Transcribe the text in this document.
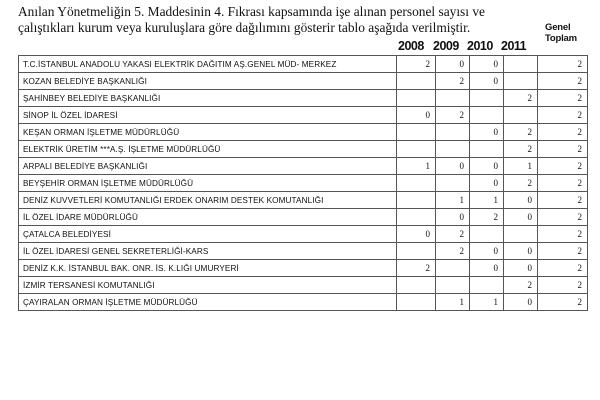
Anılan Yönetmeliğin 5. Maddesinin 4. Fıkrası kapsamında işe alınan personel sayısı ve

çalıştıkları kurum veya kuruluşlara göre dağılımını gösterir tablo aşağıda verilmiştir.	Genel
Toplam
2008 2009 2010 2011
T.C.İSTANBUL ANADOLU YAKASI ELEKTRİK DAĞITIM AŞ.GENEL MÜD- MERKEZ	2	0	0		2
KOZAN BELEDİYE BAŞKANLIĞI		2	0		2
ŞAHİNBEY BELEDİYE BAŞKANLIĞI				2	2
SİNOP İL ÖZEL İDARESİ	0	2			2
KEŞAN ORMAN İŞLETME MÜDÜRLÜĞÜ			0	2	2
ELEKTRİK ÜRETİM ***A.Ş. İŞLETME MÜDÜRLÜĞÜ				2	2
ARPALI BELEDİYE BAŞKANLIĞI	1	0	0	1	2
BEYŞEHİR ORMAN İŞLETME MÜDÜRLÜĞÜ			0	2	2
DENİZ KUVVETLERİ KOMUTANLIĞI ERDEK ONARIM DESTEK KOMUTANLIĞI		1	1	0	2
İL ÖZEL İDARE MÜDÜRLÜĞÜ		0	2	0	2
ÇATALCA BELEDİYESİ	0	2			2
İL ÖZEL İDARESİ GENEL SEKRETERLİĞİ-KARS		2	0	0	2
DENİZ K.K. İSTANBUL BAK. ONR. İS. K.LIĞI UMURYERİ	2		0	0	2
İZMİR TERSANESİ KOMUTANLIĞI				2	2
ÇAYIRALAN ORMAN İŞLETME MÜDÜRLÜĞÜ		1	1	0	2
